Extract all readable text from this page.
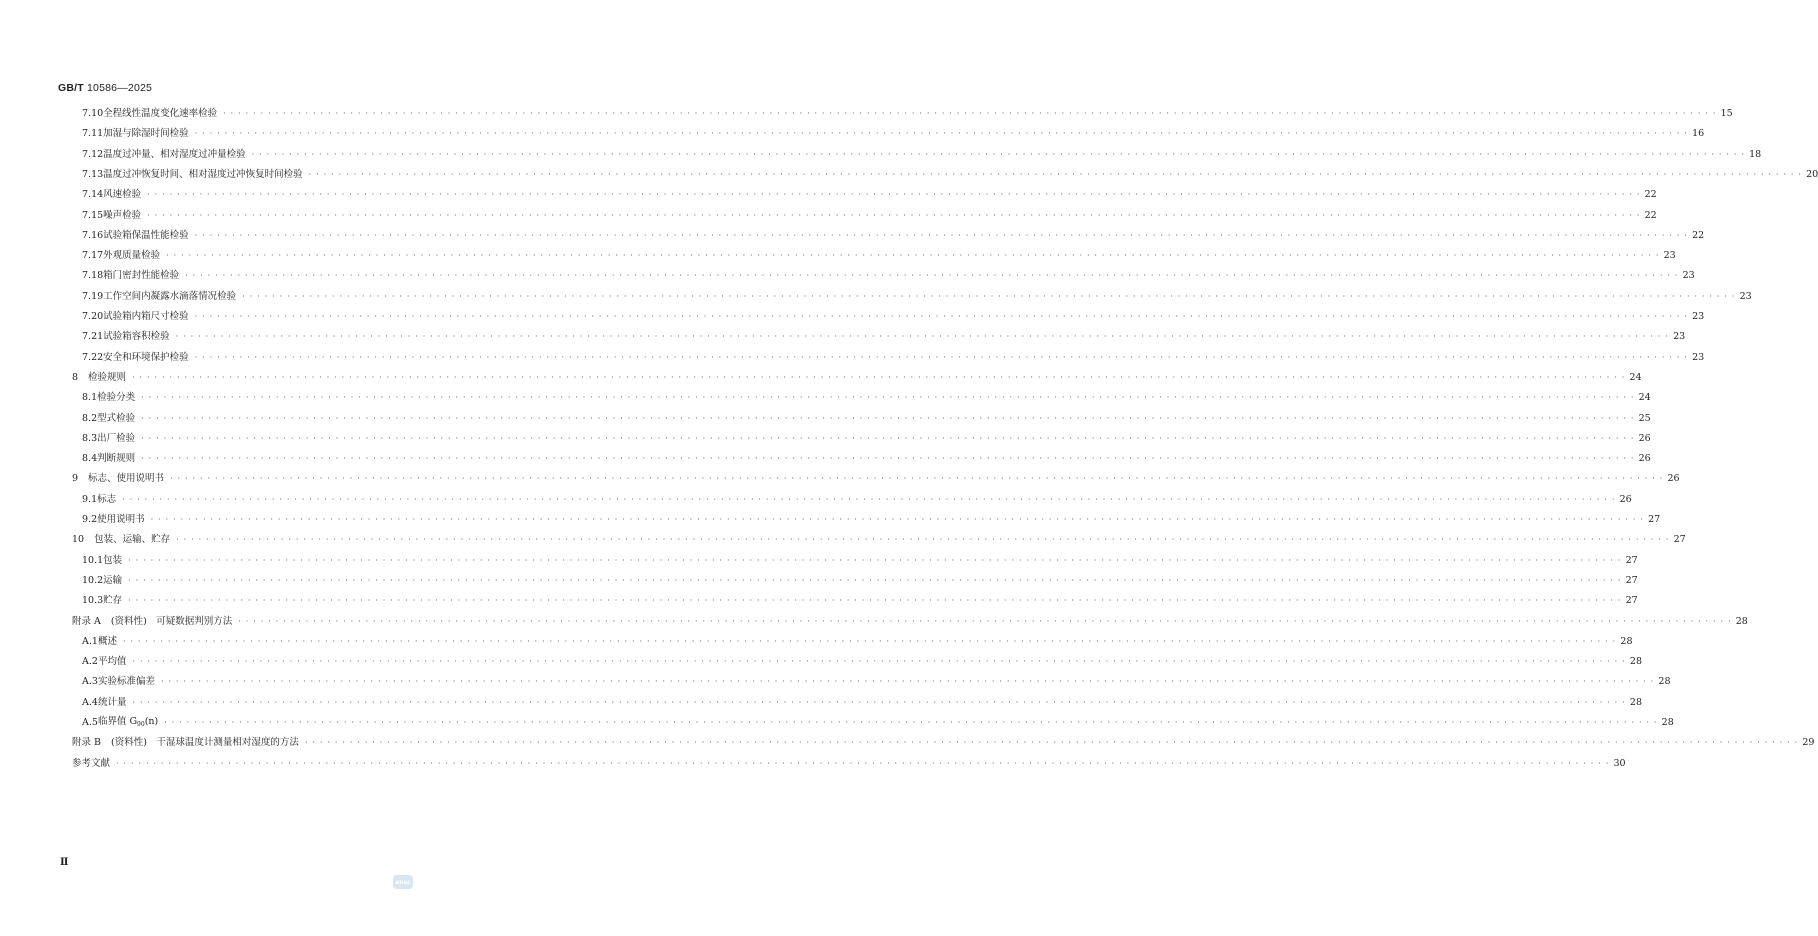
GB/T 10586—2025
7.10 全程线性温度变化速率检验 · · · · · · · · · · · · · · · · · · · · · · · · · · · · · · · · · · · · · · · · · · · · · · · · · · · · · · · · · · · · · · · · · · · · · · · · · · · · · · · · · · · · · · · · · · · · · · · · · · · · · · · · · · · · · · · · · · · · · · · · · · · · · · · · · · · · · · · · · · · · · · · · · · · · · · · · · · · · · · · · · · · · · · · · · · · · · · · · · · · · · · · · · · · · · · · · · · · · · · · · 15
7.11 加湿与除湿时间检验 · · · · · · · · · · · · · · · · · · · · · · · · · · · · · · · · · · · · · · · · · · · · · · · · · · · · · · · · · · · · · · · · · · · · · · · · · · · · · · · · · · · · · · · · · · · · · · · · · · · · · · · · · · · · · · · · · · · · · · · · · · · · · · · · · · · · · · · · · · · · · · · · · · · · · · · · · · · · · · · · · · · · · · · · · · · · · · · · · · · · · · · · · · · · · · · · · · · · · · · · 16
7.12 温度过冲量、相对湿度过冲量检验 · · · · · · · · · · · · · · · · · · · · · · · · · · · · · · · · · · · · · · · · · · · · · · · · · · · · · · · · · · · · · · · · · · · · · · · · · · · · · · · · · · · · · · · · · · · · · · · · · · · · · · · · · · · · · · · · · · · · · · · · · · · · · · · · · · · · · · · · · · · · · · · · · · · · · · · · · · · · · · · · · · · · · · · · · · · · · · · · · · · · · · · · · · · · · · · · · · · · · · · · 18
7.13 温度过冲恢复时间、相对湿度过冲恢复时间检验 · · · · · · · · · · · · · · · · · · · · · · · · · · · · · · · · · · · · · · · · · · · · · · · · · · · · · · · · · · · · · · · · · · · · · · · · · · · · · · · · · · · · · · · · · · · · · · · · · · · · · · · · · · · · · · · · · · · · · · · · · · · · · · · · · · · · · · · · · · · · · · · · · · · · · · · · · · · · · · · · · · · · · · · · · · · · · · · · · · · · · · · · · · · · · · · · · · · · · · · · 20
7.14 风速检验 · · · · · · · · · · · · · · · · · · · · · · · · · · · · · · · · · · · · · · · · · · · · · · · · · · · · · · · · · · · · · · · · · · · · · · · · · · · · · · · · · · · · · · · · · · · · · · · · · · · · · · · · · · · · · · · · · · · · · · · · · · · · · · · · · · · · · · · · · · · · · · · · · · · · · · · · · · · · · · · · · · · · · · · · · · · · · · · · · · · · · · · · · · · · · · · · · · · · · · · · 22
7.15 噪声检验 · · · · · · · · · · · · · · · · · · · · · · · · · · · · · · · · · · · · · · · · · · · · · · · · · · · · · · · · · · · · · · · · · · · · · · · · · · · · · · · · · · · · · · · · · · · · · · · · · · · · · · · · · · · · · · · · · · · · · · · · · · · · · · · · · · · · · · · · · · · · · · · · · · · · · · · · · · · · · · · · · · · · · · · · · · · · · · · · · · · · · · · · · · · · · · · · · · · · · · · · 22
7.16 试验箱保温性能检验 · · · · · · · · · · · · · · · · · · · · · · · · · · · · · · · · · · · · · · · · · · · · · · · · · · · · · · · · · · · · · · · · · · · · · · · · · · · · · · · · · · · · · · · · · · · · · · · · · · · · · · · · · · · · · · · · · · · · · · · · · · · · · · · · · · · · · · · · · · · · · · · · · · · · · · · · · · · · · · · · · · · · · · · · · · · · · · · · · · · · · · · · · · · · · · · · · · · · · · · · 22
7.17 外观质量检验 · · · · · · · · · · · · · · · · · · · · · · · · · · · · · · · · · · · · · · · · · · · · · · · · · · · · · · · · · · · · · · · · · · · · · · · · · · · · · · · · · · · · · · · · · · · · · · · · · · · · · · · · · · · · · · · · · · · · · · · · · · · · · · · · · · · · · · · · · · · · · · · · · · · · · · · · · · · · · · · · · · · · · · · · · · · · · · · · · · · · · · · · · · · · · · · · · · · · · · · · 23
7.18 箱门密封性能检验 · · · · · · · · · · · · · · · · · · · · · · · · · · · · · · · · · · · · · · · · · · · · · · · · · · · · · · · · · · · · · · · · · · · · · · · · · · · · · · · · · · · · · · · · · · · · · · · · · · · · · · · · · · · · · · · · · · · · · · · · · · · · · · · · · · · · · · · · · · · · · · · · · · · · · · · · · · · · · · · · · · · · · · · · · · · · · · · · · · · · · · · · · · · · · · · · · · · · · · · · 23
7.19 工作空间内凝露水滴落情况检验 · · · · · · · · · · · · · · · · · · · · · · · · · · · · · · · · · · · · · · · · · · · · · · · · · · · · · · · · · · · · · · · · · · · · · · · · · · · · · · · · · · · · · · · · · · · · · · · · · · · · · · · · · · · · · · · · · · · · · · · · · · · · · · · · · · · · · · · · · · · · · · · · · · · · · · · · · · · · · · · · · · · · · · · · · · · · · · · · · · · · · · · · · · · · · · · · · · · · · · · · 23
7.20 试验箱内箱尺寸检验 · · · · · · · · · · · · · · · · · · · · · · · · · · · · · · · · · · · · · · · · · · · · · · · · · · · · · · · · · · · · · · · · · · · · · · · · · · · · · · · · · · · · · · · · · · · · · · · · · · · · · · · · · · · · · · · · · · · · · · · · · · · · · · · · · · · · · · · · · · · · · · · · · · · · · · · · · · · · · · · · · · · · · · · · · · · · · · · · · · · · · · · · · · · · · · · · · · · · · · · · 23
7.21 试验箱容积检验 · · · · · · · · · · · · · · · · · · · · · · · · · · · · · · · · · · · · · · · · · · · · · · · · · · · · · · · · · · · · · · · · · · · · · · · · · · · · · · · · · · · · · · · · · · · · · · · · · · · · · · · · · · · · · · · · · · · · · · · · · · · · · · · · · · · · · · · · · · · · · · · · · · · · · · · · · · · · · · · · · · · · · · · · · · · · · · · · · · · · · · · · · · · · · · · · · · · · · · · · 23
7.22 安全和环境保护检验 · · · · · · · · · · · · · · · · · · · · · · · · · · · · · · · · · · · · · · · · · · · · · · · · · · · · · · · · · · · · · · · · · · · · · · · · · · · · · · · · · · · · · · · · · · · · · · · · · · · · · · · · · · · · · · · · · · · · · · · · · · · · · · · · · · · · · · · · · · · · · · · · · · · · · · · · · · · · · · · · · · · · · · · · · · · · · · · · · · · · · · · · · · · · · · · · · · · · · · · · 23
8 检验规则 · · · · · · · · · · · · · · · · · · · · · · · · · · · · · · · · · · · · · · · · · · · · · · · · · · · · · · · · · · · · · · · · · · · · · · · · · · · · · · · · · · · · · · · · · · · · · · · · · · · · · · · · · · · · · · · · · · · · · · · · · · · · · · · · · · · · · · · · · · · · · · · · · · · · · · · · · · · · · · · · · · · · · · · · · · · · · · · · · · · · · · · · · · · · · · · · · · · · · · · · 24
8.1 检验分类 · · · · · · · · · · · · · · · · · · · · · · · · · · · · · · · · · · · · · · · · · · · · · · · · · · · · · · · · · · · · · · · · · · · · · · · · · · · · · · · · · · · · · · · · · · · · · · · · · · · · · · · · · · · · · · · · · · · · · · · · · · · · · · · · · · · · · · · · · · · · · · · · · · · · · · · · · · · · · · · · · · · · · · · · · · · · · · · · · · · · · · · · · · · · · · · · · · · · · · · · 24
8.2 型式检验 · · · · · · · · · · · · · · · · · · · · · · · · · · · · · · · · · · · · · · · · · · · · · · · · · · · · · · · · · · · · · · · · · · · · · · · · · · · · · · · · · · · · · · · · · · · · · · · · · · · · · · · · · · · · · · · · · · · · · · · · · · · · · · · · · · · · · · · · · · · · · · · · · · · · · · · · · · · · · · · · · · · · · · · · · · · · · · · · · · · · · · · · · · · · · · · · · · · · · · · · 25
8.3 出厂检验 · · · · · · · · · · · · · · · · · · · · · · · · · · · · · · · · · · · · · · · · · · · · · · · · · · · · · · · · · · · · · · · · · · · · · · · · · · · · · · · · · · · · · · · · · · · · · · · · · · · · · · · · · · · · · · · · · · · · · · · · · · · · · · · · · · · · · · · · · · · · · · · · · · · · · · · · · · · · · · · · · · · · · · · · · · · · · · · · · · · · · · · · · · · · · · · · · · · · · · · · 26
8.4 判断规则 · · · · · · · · · · · · · · · · · · · · · · · · · · · · · · · · · · · · · · · · · · · · · · · · · · · · · · · · · · · · · · · · · · · · · · · · · · · · · · · · · · · · · · · · · · · · · · · · · · · · · · · · · · · · · · · · · · · · · · · · · · · · · · · · · · · · · · · · · · · · · · · · · · · · · · · · · · · · · · · · · · · · · · · · · · · · · · · · · · · · · · · · · · · · · · · · · · · · · · · · 26
9 标志、使用说明书 · · · · · · · · · · · · · · · · · · · · · · · · · · · · · · · · · · · · · · · · · · · · · · · · · · · · · · · · · · · · · · · · · · · · · · · · · · · · · · · · · · · · · · · · · · · · · · · · · · · · · · · · · · · · · · · · · · · · · · · · · · · · · · · · · · · · · · · · · · · · · · · · · · · · · · · · · · · · · · · · · · · · · · · · · · · · · · · · · · · · · · · · · · · · · · · · · · · · · · · · 26
9.1 标志 · · · · · · · · · · · · · · · · · · · · · · · · · · · · · · · · · · · · · · · · · · · · · · · · · · · · · · · · · · · · · · · · · · · · · · · · · · · · · · · · · · · · · · · · · · · · · · · · · · · · · · · · · · · · · · · · · · · · · · · · · · · · · · · · · · · · · · · · · · · · · · · · · · · · · · · · · · · · · · · · · · · · · · · · · · · · · · · · · · · · · · · · · · · · · · · · · · · · · · · · 26
9.2 使用说明书 · · · · · · · · · · · · · · · · · · · · · · · · · · · · · · · · · · · · · · · · · · · · · · · · · · · · · · · · · · · · · · · · · · · · · · · · · · · · · · · · · · · · · · · · · · · · · · · · · · · · · · · · · · · · · · · · · · · · · · · · · · · · · · · · · · · · · · · · · · · · · · · · · · · · · · · · · · · · · · · · · · · · · · · · · · · · · · · · · · · · · · · · · · · · · · · · · · · · · · · · 27
10 包装、运输、贮存 · · · · · · · · · · · · · · · · · · · · · · · · · · · · · · · · · · · · · · · · · · · · · · · · · · · · · · · · · · · · · · · · · · · · · · · · · · · · · · · · · · · · · · · · · · · · · · · · · · · · · · · · · · · · · · · · · · · · · · · · · · · · · · · · · · · · · · · · · · · · · · · · · · · · · · · · · · · · · · · · · · · · · · · · · · · · · · · · · · · · · · · · · · · · · · · · · · · · · · · · 27
10.1 包装 · · · · · · · · · · · · · · · · · · · · · · · · · · · · · · · · · · · · · · · · · · · · · · · · · · · · · · · · · · · · · · · · · · · · · · · · · · · · · · · · · · · · · · · · · · · · · · · · · · · · · · · · · · · · · · · · · · · · · · · · · · · · · · · · · · · · · · · · · · · · · · · · · · · · · · · · · · · · · · · · · · · · · · · · · · · · · · · · · · · · · · · · · · · · · · · · · · · · · · · · 27
10.2 运输 · · · · · · · · · · · · · · · · · · · · · · · · · · · · · · · · · · · · · · · · · · · · · · · · · · · · · · · · · · · · · · · · · · · · · · · · · · · · · · · · · · · · · · · · · · · · · · · · · · · · · · · · · · · · · · · · · · · · · · · · · · · · · · · · · · · · · · · · · · · · · · · · · · · · · · · · · · · · · · · · · · · · · · · · · · · · · · · · · · · · · · · · · · · · · · · · · · · · · · · · 27
10.3 贮存 · · · · · · · · · · · · · · · · · · · · · · · · · · · · · · · · · · · · · · · · · · · · · · · · · · · · · · · · · · · · · · · · · · · · · · · · · · · · · · · · · · · · · · · · · · · · · · · · · · · · · · · · · · · · · · · · · · · · · · · · · · · · · · · · · · · · · · · · · · · · · · · · · · · · · · · · · · · · · · · · · · · · · · · · · · · · · · · · · · · · · · · · · · · · · · · · · · · · · · · · 27
附录 A (资料性)　可疑数据判别方法 · · · · · · · · · · · · · · · · · · · · · · · · · · · · · · · · · · · · · · · · · · · · · · · · · · · · · · · · · · · · · · · · · · · · · · · · · · · · · · · · · · · · · · · · · · · · · · · · · · · · · · · · · · · · · · · · · · · · · · · · · · · · · · · · · · · · · · · · · · · · · · · · · · · · · · · · · · · · · · · · · · · · · · · · · · · · · · · · · · · · · · · · · · · · · · · · · · · · · · · · 28
A.1 概述 · · · · · · · · · · · · · · · · · · · · · · · · · · · · · · · · · · · · · · · · · · · · · · · · · · · · · · · · · · · · · · · · · · · · · · · · · · · · · · · · · · · · · · · · · · · · · · · · · · · · · · · · · · · · · · · · · · · · · · · · · · · · · · · · · · · · · · · · · · · · · · · · · · · · · · · · · · · · · · · · · · · · · · · · · · · · · · · · · · · · · · · · · · · · · · · · · · · · · · · · 28
A.2 平均值 · · · · · · · · · · · · · · · · · · · · · · · · · · · · · · · · · · · · · · · · · · · · · · · · · · · · · · · · · · · · · · · · · · · · · · · · · · · · · · · · · · · · · · · · · · · · · · · · · · · · · · · · · · · · · · · · · · · · · · · · · · · · · · · · · · · · · · · · · · · · · · · · · · · · · · · · · · · · · · · · · · · · · · · · · · · · · · · · · · · · · · · · · · · · · · · · · · · · · · · · 28
A.3 实验标准偏差 · · · · · · · · · · · · · · · · · · · · · · · · · · · · · · · · · · · · · · · · · · · · · · · · · · · · · · · · · · · · · · · · · · · · · · · · · · · · · · · · · · · · · · · · · · · · · · · · · · · · · · · · · · · · · · · · · · · · · · · · · · · · · · · · · · · · · · · · · · · · · · · · · · · · · · · · · · · · · · · · · · · · · · · · · · · · · · · · · · · · · · · · · · · · · · · · · · · · · · · · 28
A.4 统计量 · · · · · · · · · · · · · · · · · · · · · · · · · · · · · · · · · · · · · · · · · · · · · · · · · · · · · · · · · · · · · · · · · · · · · · · · · · · · · · · · · · · · · · · · · · · · · · · · · · · · · · · · · · · · · · · · · · · · · · · · · · · · · · · · · · · · · · · · · · · · · · · · · · · · · · · · · · · · · · · · · · · · · · · · · · · · · · · · · · · · · · · · · · · · · · · · · · · · · · · · 28
A.5 临界值 $G_{90}(n)$ · · · · · · · · · · · · · · · · · · · · · · · · · · · · · · · · · · · · · · · · · · · · · · · · · · · · · · · · · · · · · · · · · · · · · · · · · · · · · · · · · · · · · · · · · · · · · · · · · · · · · · · · · · · · · · · · · · · · · · · · · · · · · · · · · · · · · · · · · · · · · · · · · · · · · · · · · · · · · · · · · · · · · · · · · · · · · · · · · · · · · · · · · · · · · · · · · · · · · · · · 28
附录 B (资料性)　干湿球温度计测量相对湿度的方法 · · · · · · · · · · · · · · · · · · · · · · · · · · · · · · · · · · · · · · · · · · · · · · · · · · · · · · · · · · · · · · · · · · · · · · · · · · · · · · · · · · · · · · · · · · · · · · · · · · · · · · · · · · · · · · · · · · · · · · · · · · · · · · · · · · · · · · · · · · · · · · · · · · · · · · · · · · · · · · · · · · · · · · · · · · · · · · · · · · · · · · · · · · · · · · · · · · · · · · · · 29
参考文献 · · · · · · · · · · · · · · · · · · · · · · · · · · · · · · · · · · · · · · · · · · · · · · · · · · · · · · · · · · · · · · · · · · · · · · · · · · · · · · · · · · · · · · · · · · · · · · · · · · · · · · · · · · · · · · · · · · · · · · · · · · · · · · · · · · · · · · · · · · · · · · · · · · · · · · · · · · · · · · · · · · · · · · · · · · · · · · · · · · · · · · · · · · · · · · · · · · · · · · · · 30
Ⅱ
ansc
